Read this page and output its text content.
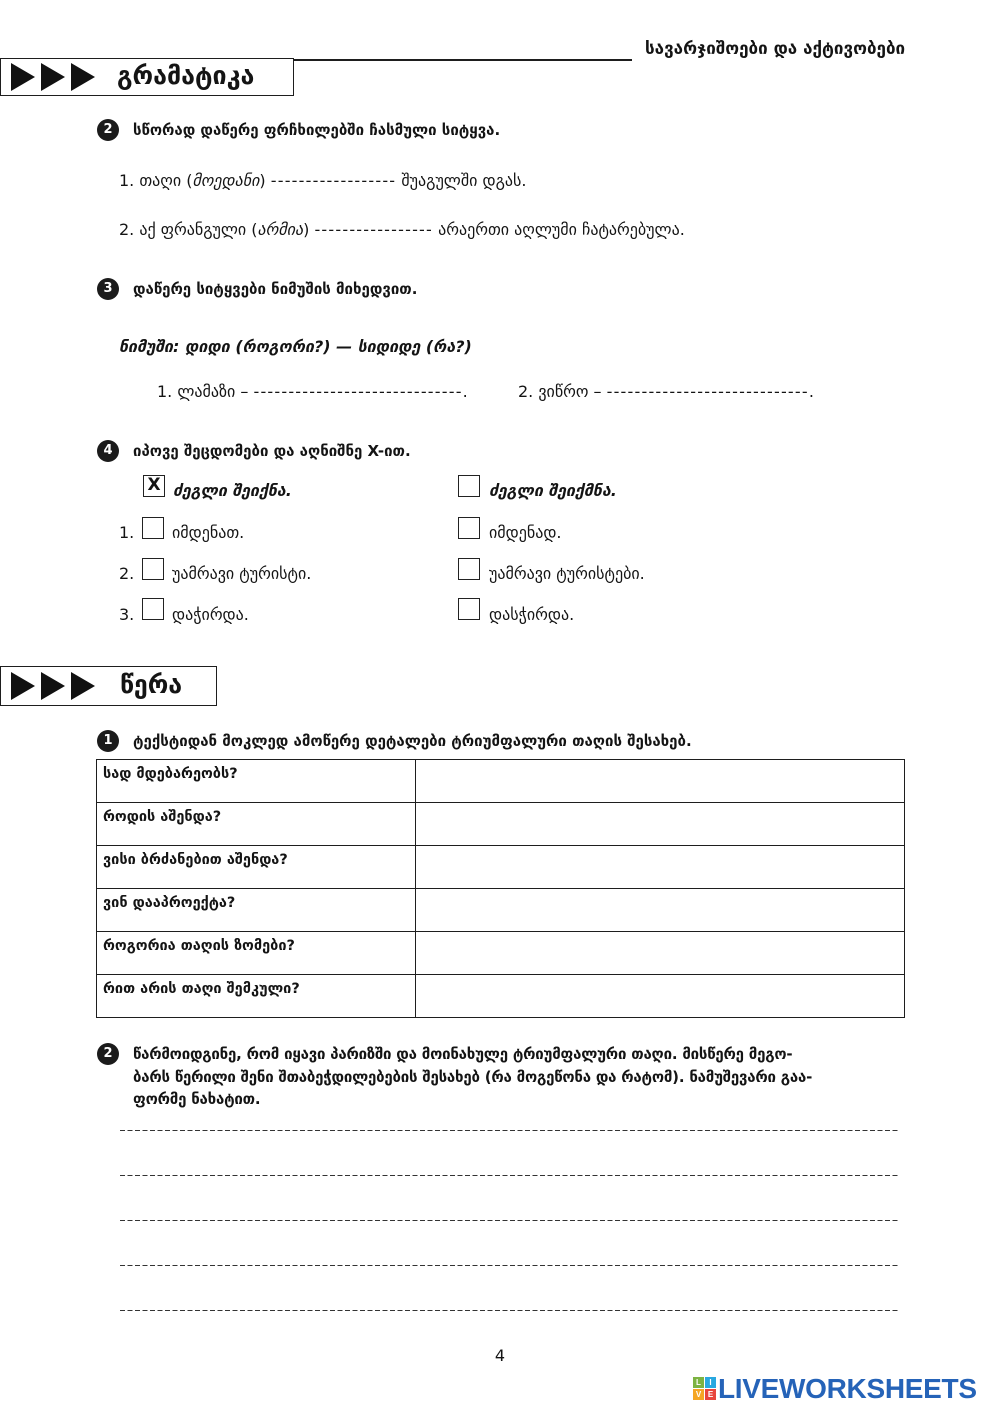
სავარჯიშოები და აქტივობები
გრამატიკა
2	სწორად დაწერე ფრჩხილებში ჩასმული სიტყვა.
1. თაღი (მოედანი) ------------------ შუაგულში დგას.
2. აქ ფრანგული (არმია) ----------------- არაერთი აღლუმი ჩატარებულა.
3	დაწერე სიტყვები ნიმუშის მიხედვით.
ნიმუში: დიდი (როგორი?) — სიდიდე (რა?)
1. ლამაზი – ------------------------------.	2. ვიწრო – -----------------------------.
4	იპოვე შეცდომები და აღნიშნე X-ით.
X ძეგლი შეიქნა.	ძეგლი შეიქმნა.
1. იმდენათ.	იმდენად.
2. უამრავი ტურისტი.	უამრავი ტურისტები.
3. დაჭირდა.	დასჭირდა.
წერა
1	ტექსტიდან მოკლედ ამოწერე დეტალები ტრიუმფალური თაღის შესახებ.
სად მდებარეობს?	
როდის აშენდა?	
ვისი ბრძანებით აშენდა?	
ვინ დააპროექტა?	
როგორია თაღის ზომები?	
რით არის თაღი შემკული?	
2	წარმოიდგინე, რომ იყავი პარიზში და მოინახულე ტრიუმფალური თაღი. მისწერე მეგო-
ბარს წერილი შენი შთაბეჭდილებების შესახებ (რა მოგეწონა და რატომ). ნამუშევარი გაა-
ფორმე ნახატით.
4
L	I
V E LIVEWORKSHEETS
